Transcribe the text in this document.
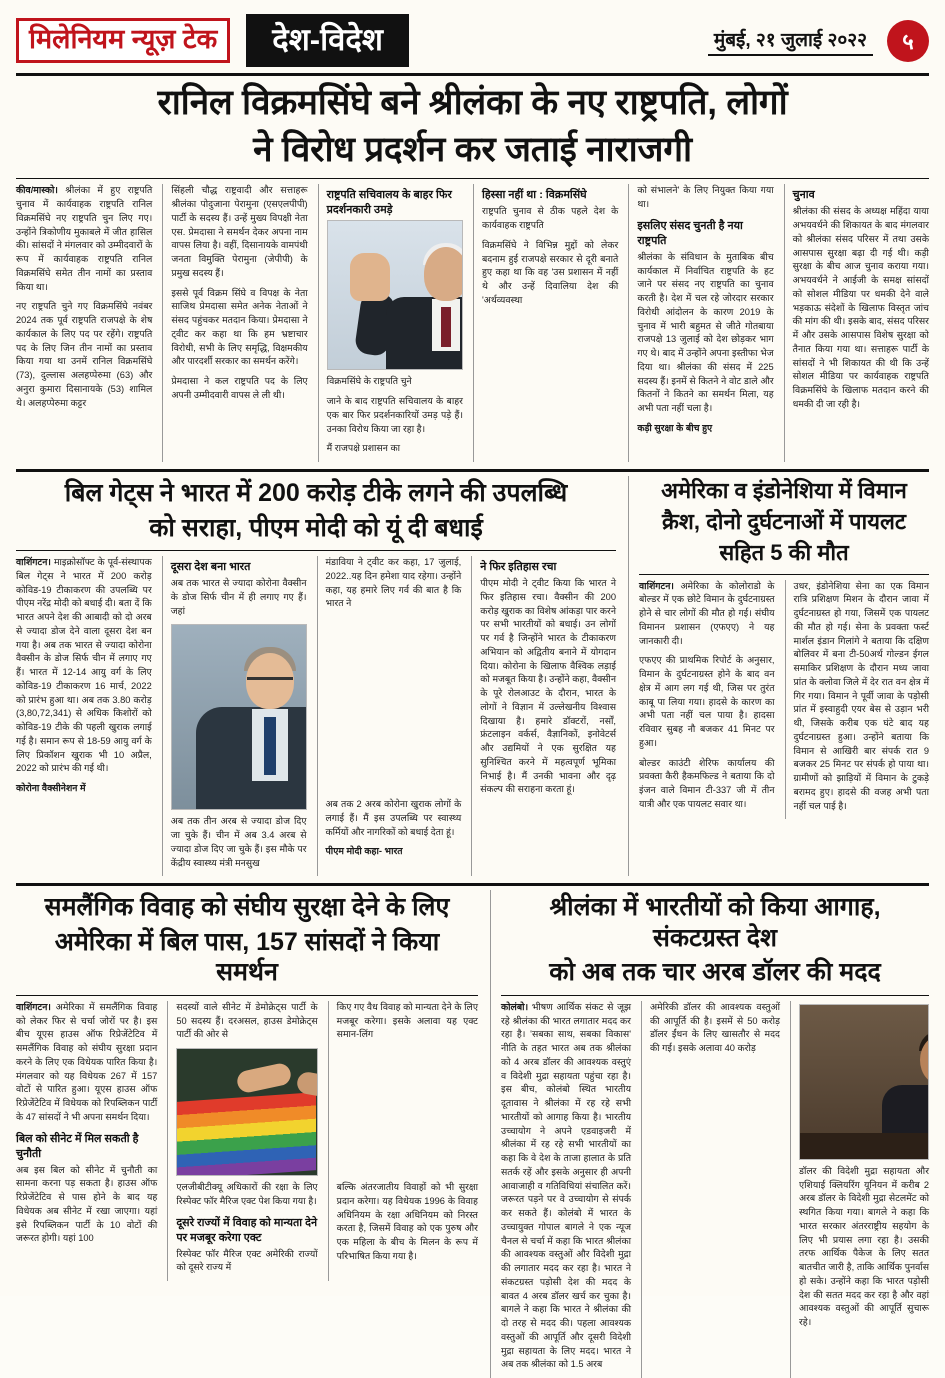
मिलेनियम न्यूज़ टेक	देश-विदेश	मुंबई, २१ जुलाई २०२२	५
रानिल विक्रमसिंघे बने श्रीलंका के नए राष्ट्रपति, लोगों
ने विरोध प्रदर्शन कर जताई नाराजगी

कीव/मास्को। श्रीलंका में हुए राष्ट्रपति चुनाव में कार्यवाहक राष्ट्रपति रानिल विक्रमसिंघे नए राष्ट्रपति चुन लिए गए। उन्होंने त्रिकोणीय मुकाबले में जीत हासिल की। सांसदों ने मंगलवार को उम्मीदवारों के रूप में कार्यवाहक राष्ट्रपति रानिल विक्रमसिंघे समेत तीन नामों का प्रस्ताव किया था।

नए राष्ट्रपति चुने गए विक्रमसिंघे नवंबर 2024 तक पूर्व राष्ट्रपति राजपक्षे के शेष कार्यकाल के लिए पद पर रहेंगे। राष्ट्रपति पद के लिए जिन तीन नामों का प्रस्ताव किया गया था उनमें रानिल विक्रमसिंघे (73), दुल्लास अलहप्पेरुमा (63) और अनुरा कुमारा दिसानायके (53) शामिल थे। अलहप्पेरुमा कट्टर

सिंहली चौद्ध राष्ट्रवादी और सत्ताहरू श्रीलंका पोदुजाना पेरामुना (एसएलपीपी) पार्टी के सदस्य हैं। उन्हें मुख्य विपक्षी नेता एस. प्रेमदासा ने समर्थन देकर अपना नाम वापस लिया है। वहीं, दिसानायके वामपंथी जनता विमुक्ति पेरामुना (जेपीपी) के प्रमुख सदस्य हैं।

इससे पूर्व विक्रम सिंघे व विपक्ष के नेता साजिथ प्रेमदासा समेत अनेक नेताओं ने संसद पहुंचकर मतदान किया। प्रेमदासा ने ट्वीट कर कहा था कि हम भ्रष्टाचार विरोधी, सभी के लिए समृद्धि, विक्षमकीय और पारदर्शी सरकार का समर्थन करेंगे।

प्रेमदासा ने कल राष्ट्रपति पद के लिए अपनी उम्मीदवारी वापस ले ली थी।

राष्ट्रपति सचिवालय के बाहर फिर प्रदर्शनकारी उमड़े

विक्रमसिंघे के राष्ट्रपति चुने

जाने के बाद राष्ट्रपति सचिवालय के बाहर एक बार फिर प्रदर्शनकारियों उमड़ पड़े हैं। उनका विरोध किया जा रहा है।

मैं राजपक्षे प्रशासन का

हिस्सा नहीं था : विक्रमसिंघे

राष्ट्रपति चुनाव से ठीक पहले देश के कार्यवाहक राष्ट्रपति

विक्रमसिंघे ने विभिन्न मुद्दों को लेकर बदनाम हुई राजपक्षे सरकार से दूरी बनाते हुए कहा था कि वह 'उस प्रशासन में नहीं थे और उन्हें दिवालिया देश की 'अर्थव्यवस्था

को संभालने' के लिए नियुक्त किया गया था।

इसलिए संसद चुनती है नया राष्ट्रपति

श्रीलंका के संविधान के मुताबिक बीच कार्यकाल में निर्वाचित राष्ट्रपति के हट जाने पर संसद नए राष्ट्रपति का चुनाव करती है। देश में चल रहे जोरदार सरकार विरोधी आंदोलन के कारण 2019 के चुनाव में भारी बहुमत से जीते गोतबाया राजपक्षे 13 जुलाई को देश छोड़कर भाग गए थे। बाद में उन्होंने अपना इस्तीफा भेज दिया था। श्रीलंका की संसद में 225 सदस्य हैं। इनमें से कितने ने वोट डाले और कितनों ने कितने का समर्थन मिला, यह अभी पता नहीं चला है।

कड़ी सुरक्षा के बीच हुए

चुनाव

श्रीलंका की संसद के अध्यक्ष महिंदा याया अभयवर्धने की शिकायत के बाद मंगलवार को श्रीलंका संसद परिसर में तथा उसके आसपास सुरक्षा बढ़ा दी गई थी। कड़ी सुरक्षा के बीच आज चुनाव कराया गया। अभयवर्धने ने आईजी के समक्ष सांसदों को सोशल मीडिया पर धमकी देने वाले भड़काऊ संदेशों के खिलाफ विस्तृत जांच की मांग की थी। इसके बाद, संसद परिसर में और उसके आसपास विशेष सुरक्षा को तैनात किया गया था। सत्ताहरू पार्टी के सांसदों ने भी शिकायत की थी कि उन्हें सोशल मीडिया पर कार्यवाहक राष्ट्रपति विक्रमसिंघे के खिलाफ मतदान करने की धमकी दी जा रही है।

बिल गेट्स ने भारत में 200 करोड़ टीके लगने की उपलब्धि
को सराहा, पीएम मोदी को यूं दी बधाई

वाशिंगटन। माइक्रोसॉफ्ट के पूर्व-संस्थापक बिल गेट्स ने भारत में 200 करोड़ कोविड-19 टीकाकरण की उपलब्धि पर पीएम नरेंद्र मोदी को बधाई दी। बता दें कि भारत अपने देश की आबादी को दो अरब से ज्यादा डोज देने वाला दूसरा देश बन गया है। अब तक भारत से ज्यादा कोरोना वैक्सीन के डोज सिर्फ चीन में लगाए गए हैं। भारत में 12-14 आयु वर्ग के लिए कोविड-19 टीकाकरण 16 मार्च, 2022 को प्रारंभ हुआ था। अब तक 3.80 करोड़ (3,80,72,341) से अधिक किशोरों को कोविड-19 टीके की पहली खुराक लगाई गई है। समान रूप से 18-59 आयु वर्ग के लिए प्रिकॉशन खुराक भी 10 अप्रैल, 2022 को प्रारंभ की गई थी।

कोरोना वैक्सीनेशन में

दूसरा देश बना भारत

अब तक भारत से ज्यादा कोरोना वैक्सीन के डोज सिर्फ चीन में ही लगाए गए हैं। जहां

अब तक तीन अरब से ज्यादा डोज दिए जा चुके हैं। चीन में अब 3.4 अरब से ज्यादा डोज दिए जा चुके हैं। इस मौके पर केंद्रीय स्वास्थ्य मंत्री मनसुख

मंडाविया ने ट्वीट कर कहा, 17 जुलाई, 2022..यह दिन हमेशा याद रहेगा। उन्होंने कहा, यह हमारे लिए गर्व की बात है कि भारत ने

अब तक 2 अरब कोरोना खुराक लोगों के लगाई हैं। मैं इस उपलब्धि पर स्वास्थ्य कर्मियों और नागरिकों को बधाई देता हूं।

पीएम मोदी कहा- भारत

ने फिर इतिहास रचा

पीएम मोदी ने ट्वीट किया कि भारत ने फिर इतिहास रचा। वैक्सीन की 200 करोड़ खुराक का विशेष आंकड़ा पार करने पर सभी भारतीयों को बधाई। उन लोगों पर गर्व है जिन्होंने भारत के टीकाकरण अभियान को अद्वितीय बनाने में योगदान दिया। कोरोना के खिलाफ वैश्विक लड़ाई को मजबूत किया है। उन्होंने कहा, वैक्सीन के पूरे रोलआउट के दौरान, भारत के लोगों ने विज्ञान में उल्लेखनीय विश्वास दिखाया है। हमारे डॉक्टरों, नर्सों, फ्रंटलाइन वर्कर्स, वैज्ञानिकों, इनोवेटर्स और उद्यमियों ने एक सुरक्षित यह सुनिश्चित करने में महत्वपूर्ण भूमिका निभाई है। मैं उनकी भावना और दृढ़ संकल्प की सराहना करता हूं।

अमेरिका व इंडोनेशिया में विमान
क्रैश, दोनो दुर्घटनाओं में पायलट
सहित 5 की मौत

वाशिंगटन। अमेरिका के कोलोराडो के बोल्डर में एक छोटे विमान के दुर्घटनाग्रस्त होने से चार लोगों की मौत हो गई। संघीय विमानन प्रशासन (एफएए) ने यह जानकारी दी।

एफएए की प्राथमिक रिपोर्ट के अनुसार, विमान के दुर्घटनाग्रस्त होने के बाद वन क्षेत्र में आग लग गई थी, जिस पर तुरंत काबू पा लिया गया। हादसे के कारण का अभी पता नहीं चल पाया है। हादसा रविवार सुबह नौ बजकर 41 मिनट पर हुआ।

बोल्डर काउंटी शेरिफ कार्यालय की प्रवक्ता कैरी हैकमफिल्ड ने बताया कि दो इंजन वाले विमान टी-337 जी में तीन यात्री और एक पायलट सवार था।

उधर, इंडोनेशिया सेना का एक विमान रात्रि प्रशिक्षण मिशन के दौरान जावा में दुर्घटनाग्रस्त हो गया, जिसमें एक पायलट की मौत हो गई। सेना के प्रवक्ता फर्स्ट मार्शल इंडान गिलांगे ने बताया कि दक्षिण बोलिवर में बना टी-50अर्थ गोल्डन ईगल समाकिर प्रशिक्षण के दौरान मध्य जावा प्रांत के क्लोवा जिले में देर रात वन क्षेत्र में गिर गया। विमान ने पूर्वी जावा के पड़ोसी प्रांत में इस्वाहुदी एयर बेस से उड़ान भरी थी, जिसके करीब एक घंटे बाद यह दुर्घटनाग्रस्त हुआ। उन्होंने बताया कि विमान से आखिरी बार संपर्क रात 9 बजकर 25 मिनट पर संपर्क हो पाया था। ग्रामीणों को झाड़ियों में विमान के टुकड़े बरामद हुए। हादसे की वजह अभी पता नहीं चल पाई है।

समलैंगिक विवाह को संघीय सुरक्षा देने के लिए
अमेरिका में बिल पास, 157 सांसदों ने किया समर्थन

वाशिंगटन। अमेरिका में समलैंगिक विवाह को लेकर फिर से चर्चा जोरों पर है। इस बीच यूएस हाउस ऑफ रिप्रेजेंटेटिव में समलैंगिक विवाह को संघीय सुरक्षा प्रदान करने के लिए एक विधेयक पारित किया है। मंगलवार को यह विधेयक 267 में 157 वोटों से पारित हुआ। यूएस हाउस ऑफ रिप्रेजेंटेटिव में विधेयक को रिपब्लिकन पार्टी के 47 सांसदों ने भी अपना समर्थन दिया।

बिल को सीनेट में मिल सकती है चुनौती

अब इस बिल को सीनेट में चुनौती का सामना करना पड़ सकता है। हाउस ऑफ रिप्रेजेंटेटिव से पास होने के बाद यह विधेयक अब सीनेट में रखा जाएगा। यहां इसे रिपब्लिकन पार्टी के 10 वोटों की जरूरत होगी। यहां 100

सदस्यों वाले सीनेट में डेमोक्रेट्स पार्टी के 50 सदस्य हैं। दरअसल, हाउस डेमोक्रेट्स पार्टी की ओर से

एलजीबीटीक्यू अधिकारों की रक्षा के लिए रिस्पेक्ट फॉर मैरिज एक्ट पेश किया गया है।

दूसरे राज्यों में विवाह को मान्यता देने पर मजबूर करेगा एक्ट

रिस्पेक्ट फॉर मैरिज एक्ट अमेरिकी राज्यों को दूसरे राज्य में

किए गए वैध विवाह को मान्यता देने के लिए मजबूर करेगा। इसके अलावा यह एक्ट समान-लिंग

बल्कि अंतरजातीय विवाहों को भी सुरक्षा प्रदान करेगा। यह विधेयक 1996 के विवाह अधिनियम के रक्षा अधिनियम को निरस्त करता है, जिसमें विवाह को एक पुरुष और एक महिला के बीच के मिलन के रूप में परिभाषित किया गया है।

श्रीलंका में भारतीयों को किया आगाह, संकटग्रस्त देश
को अब तक चार अरब डॉलर की मदद

कोलंबो। भीषण आर्थिक संकट से जूझ रहे श्रीलंका की भारत लगातार मदद कर रहा है। 'सबका साथ, सबका विकास' नीति के तहत भारत अब तक श्रीलंका को 4 अरब डॉलर की आवश्यक वस्तुएं व विदेशी मुद्रा सहायता पहुंचा रहा है। इस बीच, कोलंबो स्थित भारतीय दूतावास ने श्रीलंका में रह रहे सभी भारतीयों को आगाह किया है। भारतीय उच्चायोग ने अपने एडवाइजरी में श्रीलंका में रह रहे सभी भारतीयों का कहा कि वे देश के ताजा हालात के प्रति सतर्क रहें और इसके अनुसार ही अपनी आवाजाही व गतिविधियां संचालित करें। जरूरत पड़ने पर वे उच्चायोग से संपर्क कर सकते हैं। कोलंबो में भारत के उच्चायुक्त गोपाल बागले ने एक न्यूज चैनल से चर्चा में कहा कि भारत श्रीलंका की आवश्यक वस्तुओं और विदेशी मुद्रा की लगातार मदद कर रहा है। भारत ने संकटग्रस्त पड़ोसी देश की मदद के बावत 4 अरब डॉलर खर्च कर चुका है। बागले ने कहा कि भारत ने श्रीलंका की दो तरह से मदद की। पहला आवश्यक वस्तुओं की आपूर्ति और दूसरी विदेशी मुद्रा सहायता के लिए मदद। भारत ने अब तक श्रीलंका को 1.5 अरब

अमेरिकी डॉलर की आवश्यक वस्तुओं की आपूर्ति की है। इसमें से 50 करोड़ डॉलर ईंधन के लिए खासतौर से मदद की गई। इसके अलावा 40 करोड़

डॉलर की विदेशी मुद्रा सहायता और एशियाई क्लियरिंग यूनियन में करीब 2 अरब डॉलर के विदेशी मुद्रा सेटलमेंट को स्थगित किया गया। बागले ने कहा कि भारत सरकार अंतरराष्ट्रीय सहयोग के लिए भी प्रयास लगा रहा है। उसकी तरफ आर्थिक पैकेज के लिए सतत बातचीत जारी है, ताकि आर्थिक पुनर्वास हो सके। उन्होंने कहा कि भारत पड़ोसी देश की सतत मदद कर रहा है और वहां आवश्यक वस्तुओं की आपूर्ति सुचारू रहे।
